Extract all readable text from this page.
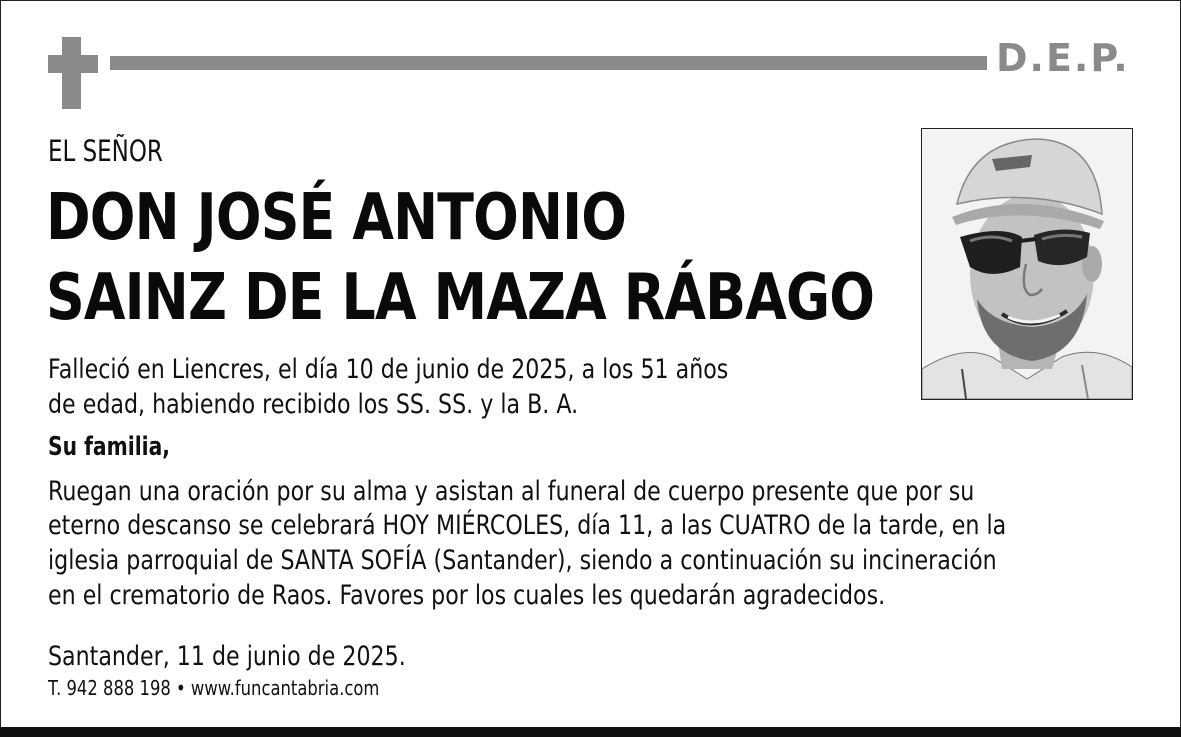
D.E.P.
EL SEÑOR
DON JOSÉ ANTONIO
SAINZ DE LA MAZA RÁBAGO
Falleció en Liencres, el día 10 de junio de 2025, a los 51 años
de edad, habiendo recibido los SS. SS. y la B. A.
Su familia,
Ruegan una oración por su alma y asistan al funeral de cuerpo presente que por su
eterno descanso se celebrará HOY MIÉRCOLES, día 11, a las CUATRO de la tarde, en la
iglesia parroquial de SANTA SOFÍA (Santander), siendo a continuación su incineración
en el crematorio de Raos. Favores por los cuales les quedarán agradecidos.
Santander, 11 de junio de 2025.
T. 942 888 198 • www.funcantabria.com
